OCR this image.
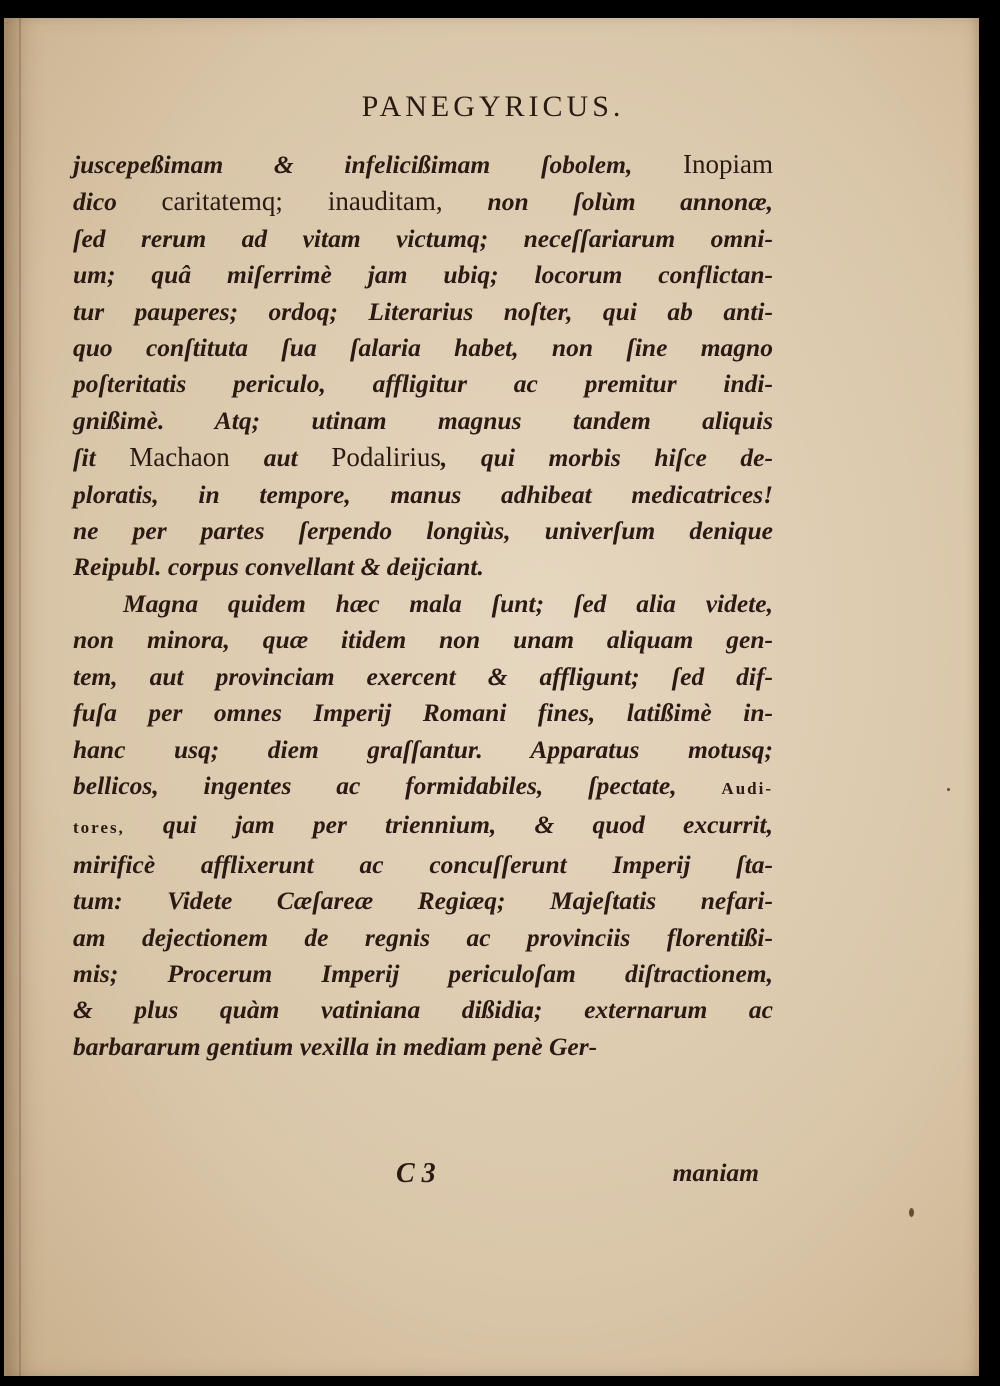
PANEGYRICUS.
juscepeßimam & infelicißimam ſobolem, Inopiam
dico caritatemq; inauditam, non ſolùm annonæ,
ſed rerum ad vitam victumq; neceſſariarum omni-
um; quâ miſerrimè jam ubiq; locorum conflictan-
tur pauperes; ordoq; Literarius noſter, qui ab anti-
quo conſtituta ſua ſalaria habet, non ſine magno
poſteritatis periculo, affligitur ac premitur indi-
gnißimè. Atq; utinam magnus tandem aliquis
ſit Machaon aut Podalirius, qui morbis hiſce de-
ploratis, in tempore, manus adhibeat medicatrices!
ne per partes ſerpendo longiùs, univerſum denique
Reipubl. corpus convellant & deijciant.
Magna quidem hæc mala ſunt; ſed alia videte,
non minora, quæ itidem non unam aliquam gen-
tem, aut provinciam exercent & affligunt; ſed dif-
fuſa per omnes Imperij Romani fines, latißimè in-
hanc usq; diem graſſantur. Apparatus motusq;
bellicos, ingentes ac formidabiles, ſpectate, Audi-
tores, qui jam per triennium, & quod excurrit,
mirificè afflixerunt ac concuſſerunt Imperij ſta-
tum: Videte Cæſareæ Regiæq; Majeſtatis nefari-
am dejectionem de regnis ac provinciis florentißi-
mis; Procerum Imperij periculoſam diſtractionem,
& plus quàm vatiniana dißidia; externarum ac
barbararum gentium vexilla in mediam penè Ger-
C 3	maniam
